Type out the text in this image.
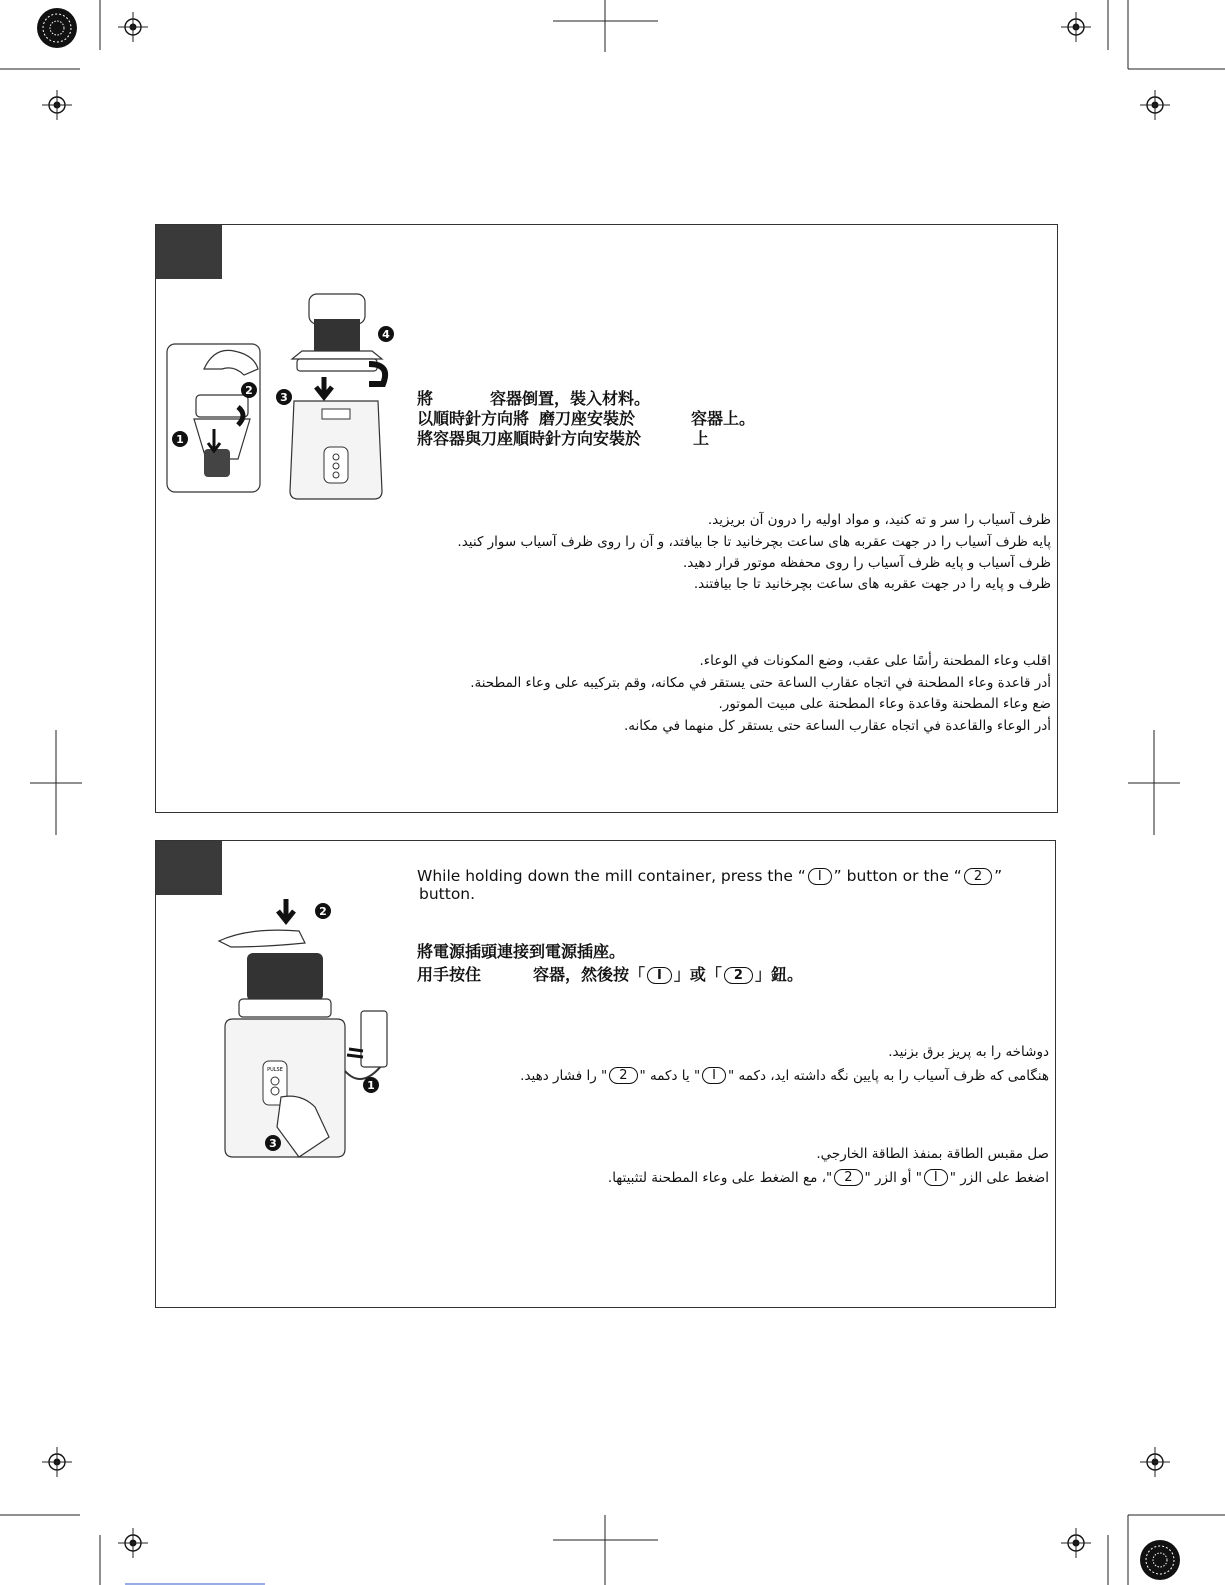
1
2
4
3	將	容器倒置，裝入材料。
以順時針方向將 磨刀座安裝於	容器上。
將容器與刀座順時針方向安裝於	上
ظرف آسیاب را سر و ته کنید، و مواد اولیه را درون آن بریزید.
پایه ظرف آسیاب را در جهت عقربه های ساعت بچرخانید تا جا بیافتد، و آن را روی ظرف آسیاب سوار کنید.
ظرف آسیاب و پایه ظرف آسیاب را روی محفظه موتور قرار دهید.
ظرف و پایه را در جهت عقربه های ساعت بچرخانید تا جا بیافتند.
اقلب وعاء المطحنة رأسًا على عقب، وضع المكونات في الوعاء.
أدر قاعدة وعاء المطحنة في اتجاه عقارب الساعة حتى يستقر في مكانه، وقم بتركيبه على وعاء المطحنة.
ضع وعاء المطحنة وقاعدة وعاء المطحنة على مبيت الموتور.
أدر الوعاء والقاعدة في اتجاه عقارب الساعة حتى يستقر كل منهما في مكانه.
2
PULSE
1
3
While holding down the mill container, press the “ I ” button or the “ 2 ”
button.
將電源插頭連接到電源插座。
用手按住	容器，然後按「 I 」或「 2 」鈕。
دوشاخه را به پریز برق بزنید.
هنگامی که ظرف آسیاب را به پایین نگه داشته اید، دکمه "I" یا دکمه "2" را فشار دهید.
صل مقبس الطاقة بمنفذ الطاقة الخارجي.
اضغط على الزر "I" أو الزر "2"، مع الضغط على وعاء المطحنة لتثبيتها.
